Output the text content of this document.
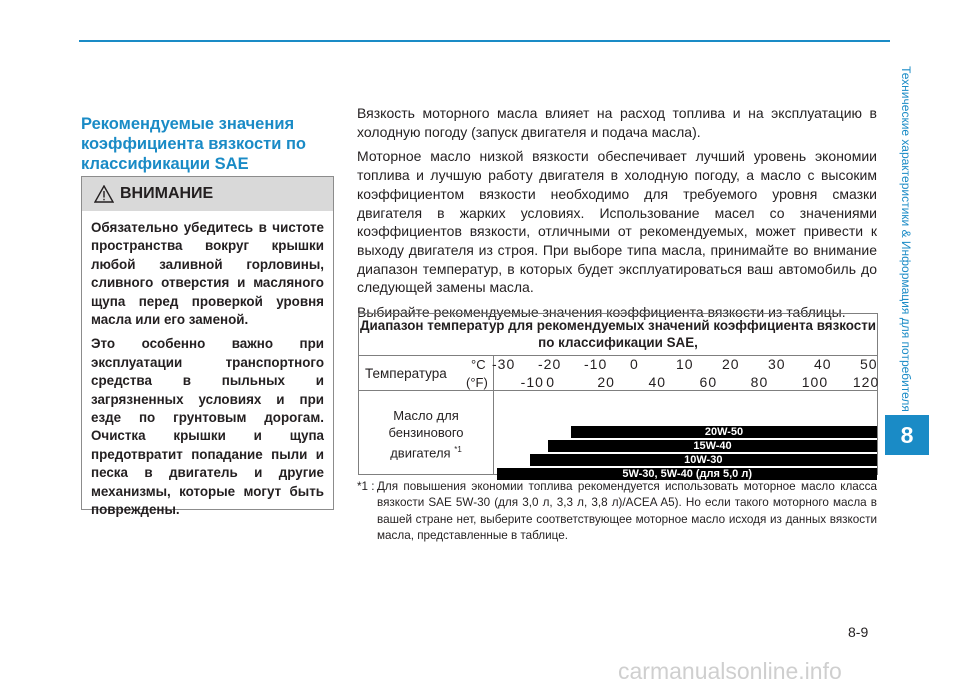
Технические характеристики & Информация для потребителя
8
Рекомендуемые значения коэффициента вязкости по классификации SAE
ВНИМАНИЕ

Обязательно убедитесь в чистоте пространства вокруг крышки любой заливной горловины, сливного отверстия и масляного щупа перед проверкой уровня масла или его заменой.

Это особенно важно при эксплуатации транспортного средства в пыльных и загрязненных условиях и при езде по грунтовым дорогам. Очистка крышки и щупа предотвратит попадание пыли и песка в двигатель и другие механизмы, которые могут быть повреждены.

Вязкость моторного масла влияет на расход топлива и на эксплуатацию в холодную погоду (запуск двигателя и подача масла).

Моторное масло низкой вязкости обеспечивает лучший уровень экономии топлива и лучшую работу двигателя в холодную погоду, а масло с высоким коэффициентом вязкости необходимо для требуемого уровня смазки двигателя в жарких условиях. Использование масел со значениями коэффициентов вязкости, отличными от рекомендуемых, может привести к выходу двигателя из строя. При выборе типа масла, принимайте во внимание диапазон температур, в которых будет эксплуатироваться ваш автомобиль до следующей замены масла.

Выбирайте рекомендуемые значения коэффициента вязкости из таблицы.

Диапазон температур для рекомендуемых значений коэффициента вязкости по классификации SAE,
Температура
°C
(°F)
-30 -20 -10 0	10 20 30 40 50
-10 0	20 40 60 80 100 120
Масло для бензинового двигателя $^{*1}$
20W-50
15W-40
10W-30
5W-30, 5W-40 (для 5,0 л)
*1 : Для повышения экономии топлива рекомендуется использовать моторное масло класса вязкости SAE 5W-30 (для 3,0 л, 3,3 л, 3,8 л)/ACEA A5). Но если такого моторного масла в вашей стране нет, выберите соответствующее моторное масло исходя из данных вязкости масла, представленные в таблице.
8-9
carmanualsonline.info
